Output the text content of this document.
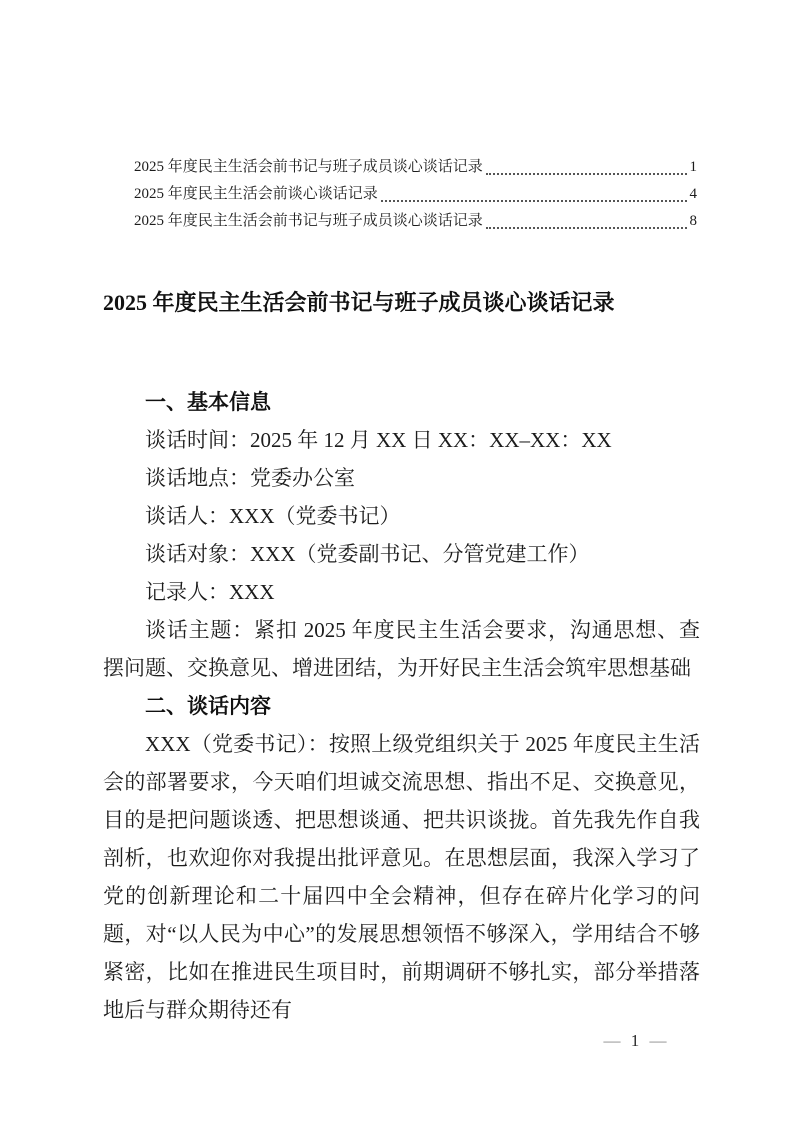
2025 年度民主生活会前书记与班子成员谈心谈话记录	1
2025 年度民主生活会前谈心谈话记录	4
2025 年度民主生活会前书记与班子成员谈心谈话记录	8
2025 年度民主生活会前书记与班子成员谈心谈话记录

一、基本信息

谈话时间：2025 年 12 月 XX 日 XX：XX–XX：XX

谈话地点：党委办公室

谈话人：XXX（党委书记）

谈话对象：XXX（党委副书记、分管党建工作）

记录人：XXX

谈话主题：紧扣 2025 年度民主生活会要求，沟通思想、查摆问题、交换意见、增进团结，为开好民主生活会筑牢思想基础

二、谈话内容

XXX（党委书记）：按照上级党组织关于 2025 年度民主生活会的部署要求，今天咱们坦诚交流思想、指出不足、交换意见，目的是把问题谈透、把思想谈通、把共识谈拢。首先我先作自我剖析，也欢迎你对我提出批评意见。在思想层面，我深入学习了党的创新理论和二十届四中全会精神，但存在碎片化学习的问题，对“以人民为中心”的发展思想领悟不够深入，学用结合不够紧密，比如在推进民生项目时，前期调研不够扎实，部分举措落地后与群众期待还有

— 1 —
